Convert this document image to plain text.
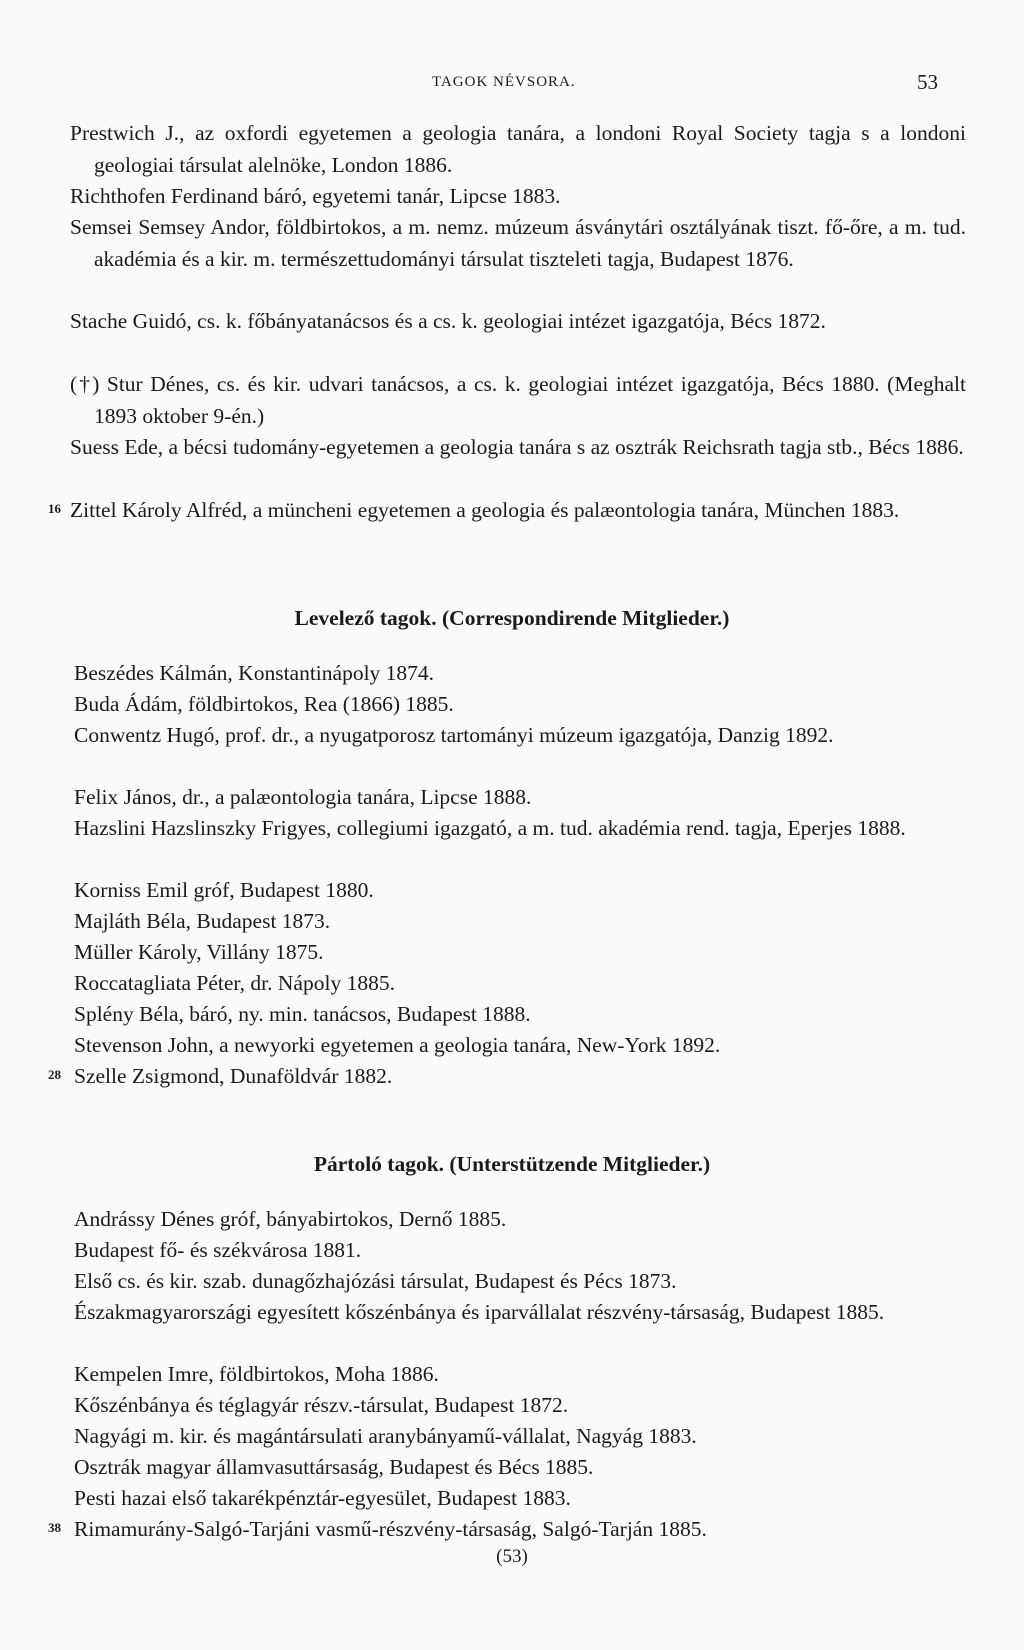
TAGOK NÉVSORA.	53
Prestwich J., az oxfordi egyetemen a geologia tanára, a londoni Royal Society tagja s a londoni geologiai társulat alelnöke, London 1886.
Richthofen Ferdinand báró, egyetemi tanár, Lipcse 1883.
Semsei Semsey Andor, földbirtokos, a m. nemz. múzeum ásványtári osztályának tiszt. fő-őre, a m. tud. akadémia és a kir. m. természettudományi társulat tiszteleti tagja, Budapest 1876.
Stache Guidó, cs. k. főbányatanácsos és a cs. k. geologiai intézet igazgatója, Bécs 1872.
(†) Stur Dénes, cs. és kir. udvari tanácsos, a cs. k. geologiai intézet igazgatója, Bécs 1880. (Meghalt 1893 oktober 9-én.)
Suess Ede, a bécsi tudomány-egyetemen a geologia tanára s az osztrák Reichsrath tagja stb., Bécs 1886.
16 Zittel Károly Alfréd, a müncheni egyetemen a geologia és palæontologia tanára, München 1883.
Levelező tagok. (Correspondirende Mitglieder.)
Beszédes Kálmán, Konstantinápoly 1874.
Buda Ádám, földbirtokos, Rea (1866) 1885.
Conwentz Hugó, prof. dr., a nyugatporosz tartományi múzeum igazgatója, Danzig 1892.
Felix János, dr., a palæontologia tanára, Lipcse 1888.
Hazslini Hazslinszky Frigyes, collegiumi igazgató, a m. tud. akadémia rend. tagja, Eperjes 1888.
Korniss Emil gróf, Budapest 1880.
Majláth Béla, Budapest 1873.
Müller Károly, Villány 1875.
Roccatagliata Péter, dr. Nápoly 1885.
Splény Béla, báró, ny. min. tanácsos, Budapest 1888.
Stevenson John, a newyorki egyetemen a geologia tanára, New-York 1892.
28 Szelle Zsigmond, Dunaföldvár 1882.
Pártoló tagok. (Unterstützende Mitglieder.)
Andrássy Dénes gróf, bányabirtokos, Dernő 1885.
Budapest fő- és székvárosa 1881.
Első cs. és kir. szab. dunagőzhajózási társulat, Budapest és Pécs 1873.
Északmagyarországi egyesített kőszénbánya és iparvállalat részvény-társaság, Budapest 1885.
Kempelen Imre, földbirtokos, Moha 1886.
Kőszénbánya és téglagyár részv.-társulat, Budapest 1872.
Nagyági m. kir. és magántársulati aranybányamű-vállalat, Nagyág 1883.
Osztrák magyar államvasuttársaság, Budapest és Bécs 1885.
Pesti hazai első takarékpénztár-egyesület, Budapest 1883.
38 Rimamurány-Salgó-Tarjáni vasmű-részvény-társaság, Salgó-Tarján 1885.
(53)
